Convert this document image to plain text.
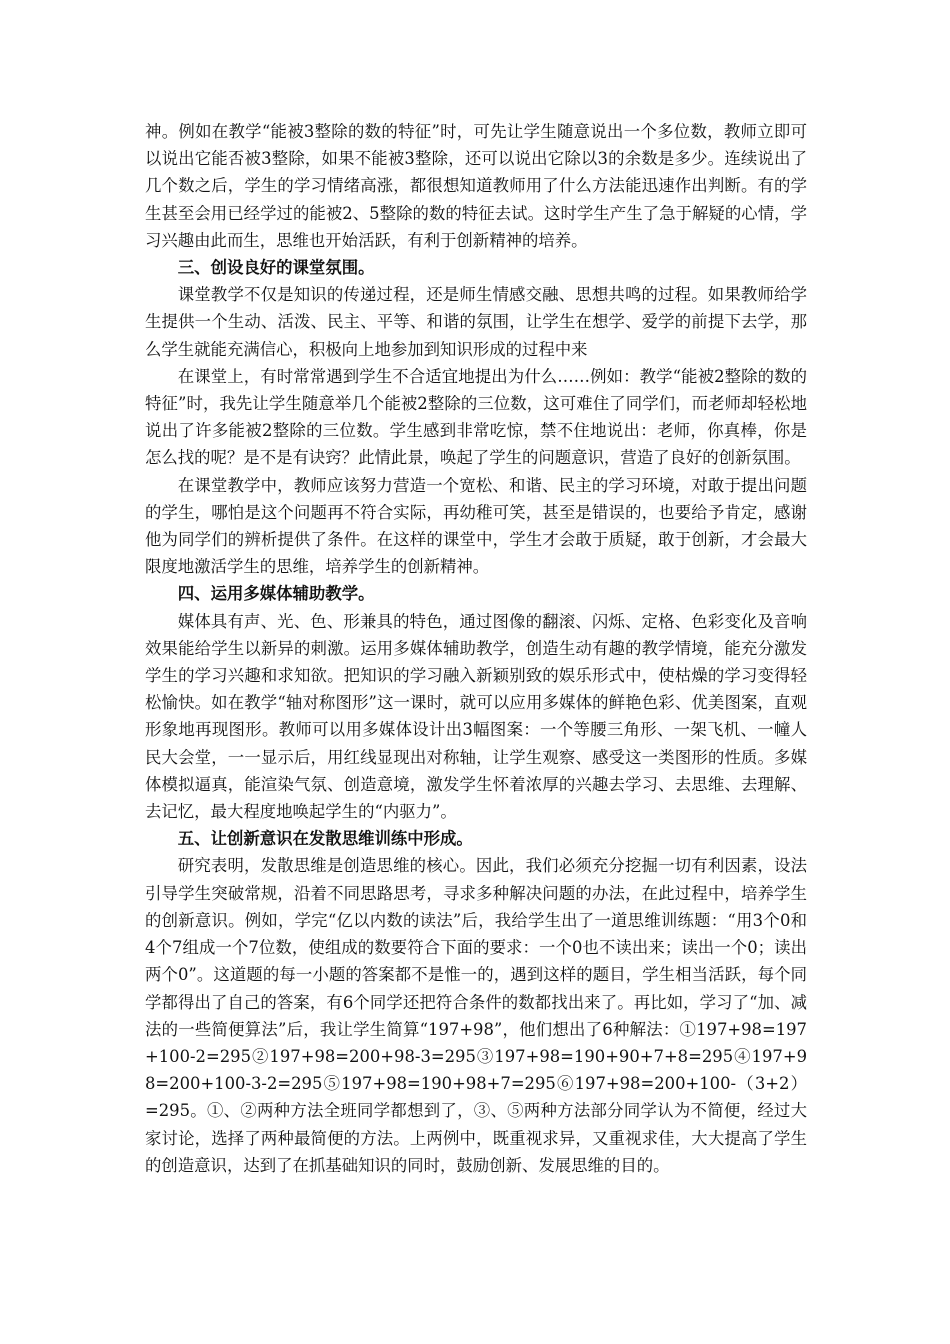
神。例如在教学“能被3整除的数的特征”时，可先让学生随意说出一个多位数，教师立即可以说出它能否被3整除，如果不能被3整除，还可以说出它除以3的余数是多少。连续说出了几个数之后，学生的学习情绪高涨，都很想知道教师用了什么方法能迅速作出判断。有的学生甚至会用已经学过的能被2、5整除的数的特征去试。这时学生产生了急于解疑的心情，学习兴趣由此而生，思维也开始活跃，有利于创新精神的培养。

三、创设良好的课堂氛围。

课堂教学不仅是知识的传递过程，还是师生情感交融、思想共鸣的过程。如果教师给学生提供一个生动、活泼、民主、平等、和谐的氛围，让学生在想学、爱学的前提下去学，那么学生就能充满信心，积极向上地参加到知识形成的过程中来

在课堂上，有时常常遇到学生不合适宜地提出为什么……例如：教学“能被2整除的数的特征”时，我先让学生随意举几个能被2整除的三位数，这可难住了同学们，而老师却轻松地说出了许多能被2整除的三位数。学生感到非常吃惊，禁不住地说出：老师，你真棒，你是怎么找的呢？是不是有诀窍？此情此景，唤起了学生的问题意识，营造了良好的创新氛围。

在课堂教学中，教师应该努力营造一个宽松、和谐、民主的学习环境，对敢于提出问题的学生，哪怕是这个问题再不符合实际，再幼稚可笑，甚至是错误的，也要给予肯定，感谢他为同学们的辨析提供了条件。在这样的课堂中，学生才会敢于质疑，敢于创新，才会最大限度地激活学生的思维，培养学生的创新精神。

四、运用多媒体辅助教学。

媒体具有声、光、色、形兼具的特色，通过图像的翻滚、闪烁、定格、色彩变化及音响效果能给学生以新异的刺激。运用多媒体辅助教学，创造生动有趣的教学情境，能充分激发学生的学习兴趣和求知欲。把知识的学习融入新颖别致的娱乐形式中，使枯燥的学习变得轻松愉快。如在教学“轴对称图形”这一课时，就可以应用多媒体的鲜艳色彩、优美图案，直观形象地再现图形。教师可以用多媒体设计出3幅图案：一个等腰三角形、一架飞机、一幢人民大会堂，一一显示后，用红线显现出对称轴，让学生观察、感受这一类图形的性质。多媒体模拟逼真，能渲染气氛、创造意境，激发学生怀着浓厚的兴趣去学习、去思维、去理解、去记忆，最大程度地唤起学生的“内驱力”。

五、让创新意识在发散思维训练中形成。

研究表明，发散思维是创造思维的核心。因此，我们必须充分挖掘一切有利因素，设法引导学生突破常规，沿着不同思路思考，寻求多种解决问题的办法，在此过程中，培养学生的创新意识。例如，学完“亿以内数的读法”后，我给学生出了一道思维训练题：“用3个0和4个7组成一个7位数，使组成的数要符合下面的要求：一个0也不读出来；读出一个0；读出两个0”。这道题的每一小题的答案都不是惟一的，遇到这样的题目，学生相当活跃，每个同学都得出了自己的答案，有6个同学还把符合条件的数都找出来了。再比如，学习了“加、减法的一些简便算法”后，我让学生简算“197+98”，他们想出了6种解法：①197+98=197+100-2=295②197+98=200+98-3=295③197+98=190+90+7+8=295④197+98=200+100-3-2=295⑤197+98=190+98+7=295⑥197+98=200+100-（3+2）=295。①、②两种方法全班同学都想到了，③、⑤两种方法部分同学认为不简便，经过大家讨论，选择了两种最简便的方法。上两例中，既重视求异，又重视求佳，大大提高了学生的创造意识，达到了在抓基础知识的同时，鼓励创新、发展思维的目的。
